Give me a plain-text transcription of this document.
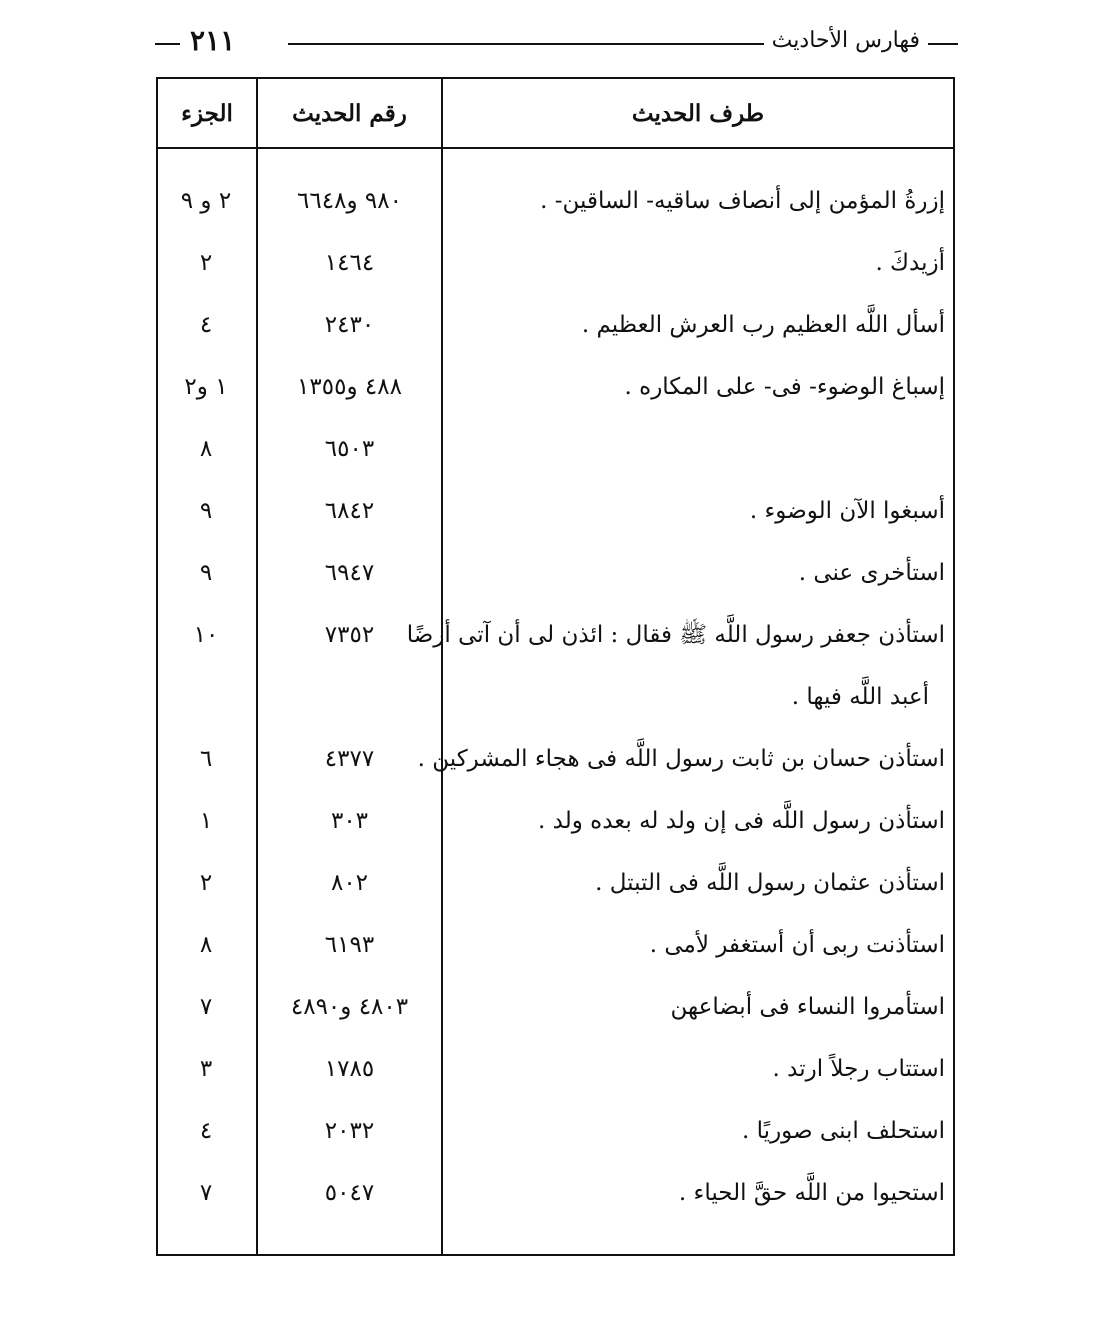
فهارس الأحاديث
٢١١
طرف الحديث
رقم الحديث
الجزء
إزرةُ المؤمن إلى أنصاف ساقيه- الساقين- .
٩٨٠ و٦٦٤٨
٢ و ٩
أزيدكَ .
١٤٦٤
٢
أسأل اللَّه العظيم رب العرش العظيم .
٢٤٣٠
٤
إسباغ الوضوء- فى- على المكاره .
٤٨٨ و١٣٥٥
١ و٢
٦٥٠٣
٨
أسبغوا الآن الوضوء .
٦٨٤٢
٩
استأخرى عنى .
٦٩٤٧
٩
استأذن جعفر رسول اللَّه ﷺ فقال : ائذن لى أن آتى أرضًا
٧٣٥٢
١٠
أعبد اللَّه فيها .
استأذن حسان بن ثابت رسول اللَّه فى هجاء المشركين .
٤٣٧٧
٦
استأذن رسول اللَّه فى إن ولد له بعده ولد .
٣٠٣
١
استأذن عثمان رسول اللَّه فى التبتل .
٨٠٢
٢
استأذنت ربى أن أستغفر لأمى .
٦١٩٣
٨
استأمروا النساء فى أبضاعهن
٤٨٠٣ و٤٨٩٠
٧
استتاب رجلاً ارتد .
١٧٨٥
٣
استحلف ابنى صوريًا .
٢٠٣٢
٤
استحيوا من اللَّه حقَّ الحياء .
٥٠٤٧
٧
